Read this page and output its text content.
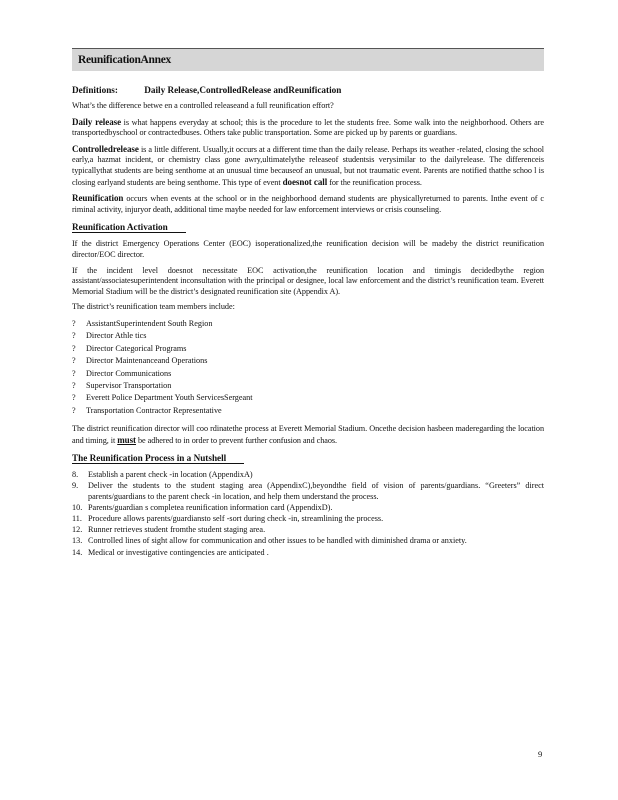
ReunificationAnnex
Definitions:	Daily Release,ControlledRelease andReunification

What’s the difference betwe en a controlled releaseand a full reunification effort?

Daily release is what happens everyday at school; this is the procedure to let the students free. Some walk into the neighborhood. Others are transportedbyschool or contractedbuses. Others take public transportation. Some are picked up by parents or guardians.

Controlledrelease is a little different. Usually,it occurs at a different time than the daily release. Perhaps its weather -related, closing the school early,a hazmat incident, or chemistry class gone awry,ultimatelythe releaseof studentsis verysimilar to the dailyrelease. The differenceis typicallythat students are being senthome at an unusual time becauseof an unusual, but not traumatic event. Parents are notified thatthe schoo l is closing earlyand students are being senthome. This type of event doesnot call for the reunification process.

Reunification occurs when events at the school or in the neighborhood demand students are physicallyreturned to parents. Inthe event of c riminal activity, injuryor death, additional time maybe needed for law enforcement interviews or crisis counseling.

Reunification Activation

If the district Emergency Operations Center (EOC) isoperationalized,the reunification decision will be madeby the district reunification director/EOC director.

If the incident level doesnot necessitate EOC activation,the reunification location and timingis decidedbythe region assistant/associatesuperintendent inconsultation with the principal or designee, local law enforcement and the district’s reunification team. Everett Memorial Stadium will be the district’s designated reunification site (Appendix A).

The district’s reunification team members include:

?	AssistantSuperintendent South Region
?	Director Athle tics
?	Director Categorical Programs
?	Director Maintenanceand Operations
?	Director Communications
?	Supervisor Transportation
?	Everett Police Department Youth ServicesSergeant
?	Transportation Contractor Representative

The district reunification director will coo rdinatethe process at Everett Memorial Stadium. Oncethe decision hasbeen maderegarding the location and timing, it must be adhered to in order to prevent further confusion and chaos.

The Reunification Process in a Nutshell
8.	Establish a parent check -in location (AppendixA)
9.	Deliver the students to the student staging area (AppendixC),beyondthe field of vision of parents/guardians. “Greeters” direct parents/guardians to the parent check -in location, and help them understand the process.
10. Parents/guardian s completea reunification information card (AppendixD).
11. Procedure allows parents/guardiansto self -sort during check -in, streamlining the process.
12. Runner retrieves student fromthe student staging area.
13. Controlled lines of sight allow for communication and other issues to be handled with diminished drama or anxiety.
14. Medical or investigative contingencies are anticipated .
9
